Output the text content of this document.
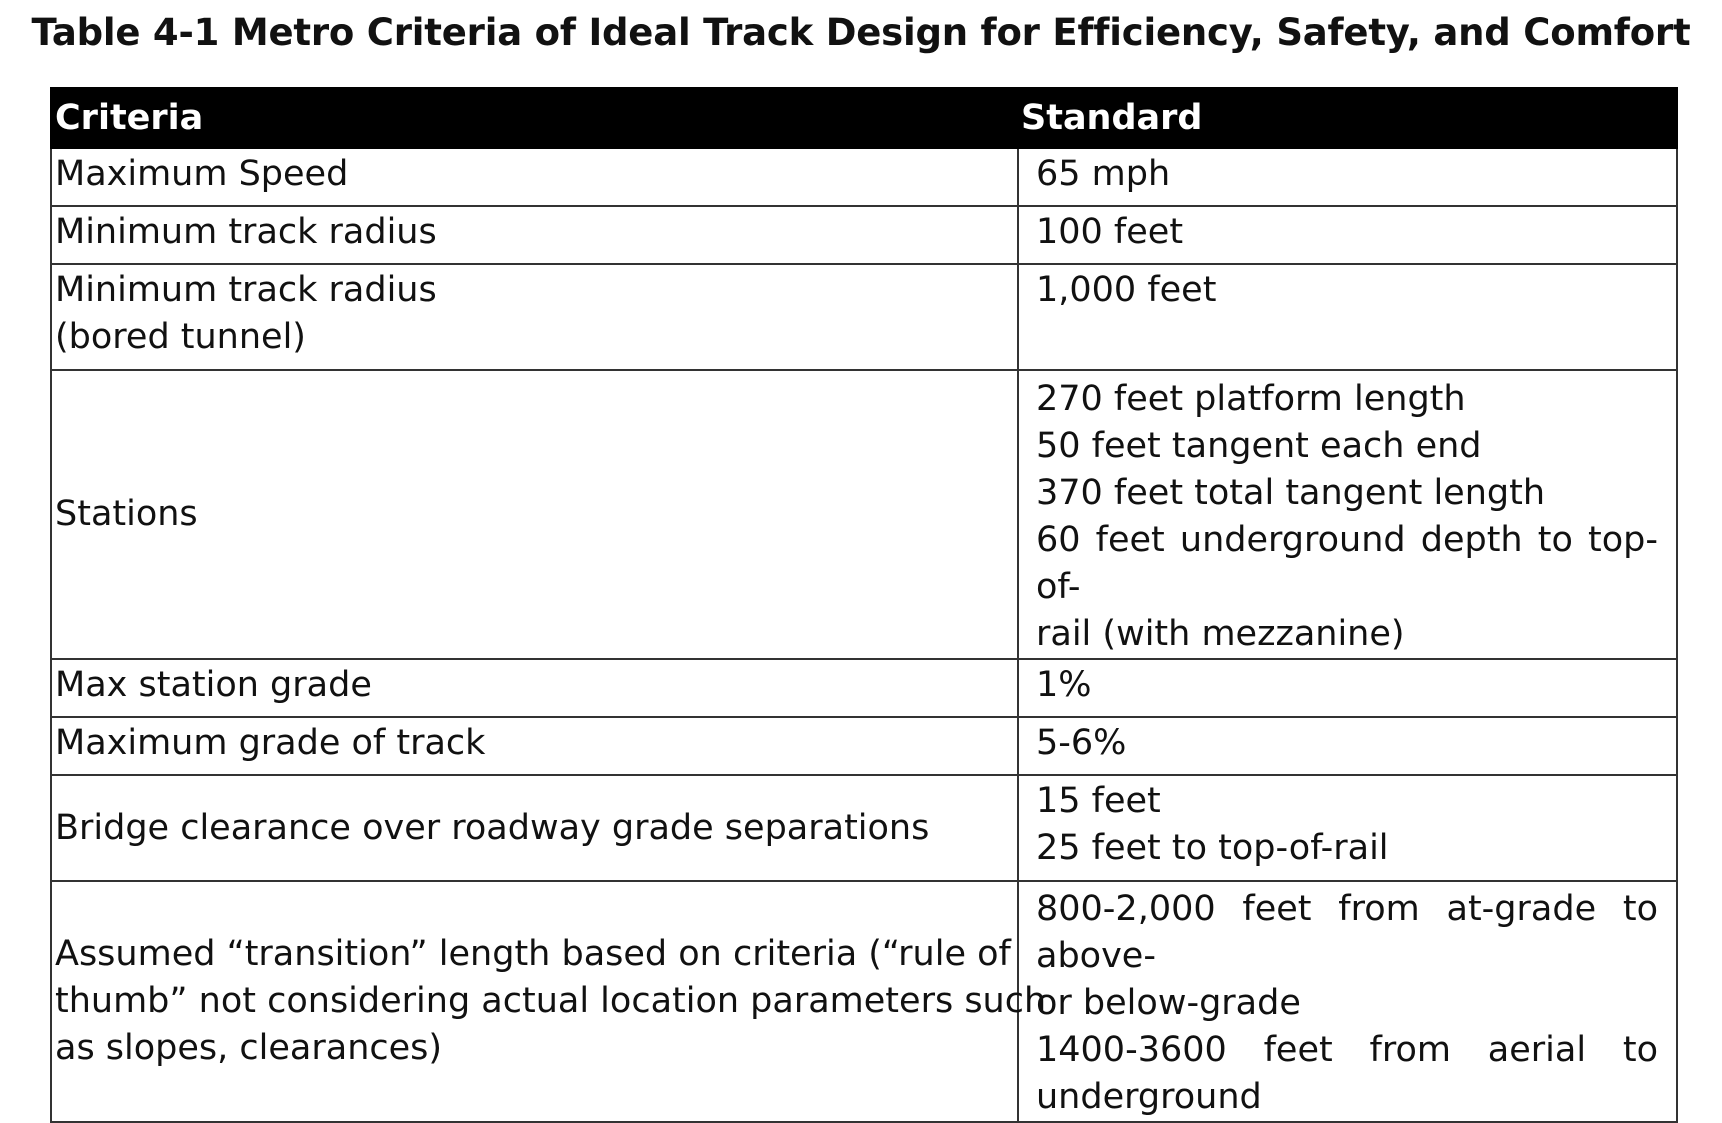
Table 4-1 Metro Criteria of Ideal Track Design for Efficiency, Safety, and Comfort
Criteria	Standard

Maximum Speed	65 mph

Minimum track radius	100 feet

Minimum track radius
(bored tunnel)	1,000 feet

Stations	270 feet platform length
50 feet tangent each end
370 feet total tangent length
60 feet underground depth to top-of-
rail (with mezzanine)

Max station grade	1%

Maximum grade of track	5-6%

Bridge clearance over roadway grade separations	15 feet
25 feet to top-of-rail

Assumed “transition” length based on criteria (“rule of
thumb” not considering actual location parameters such
as slopes, clearances)	800-2,000 feet from at-grade to above-
or below-grade
1400-3600 feet from aerial to
underground
